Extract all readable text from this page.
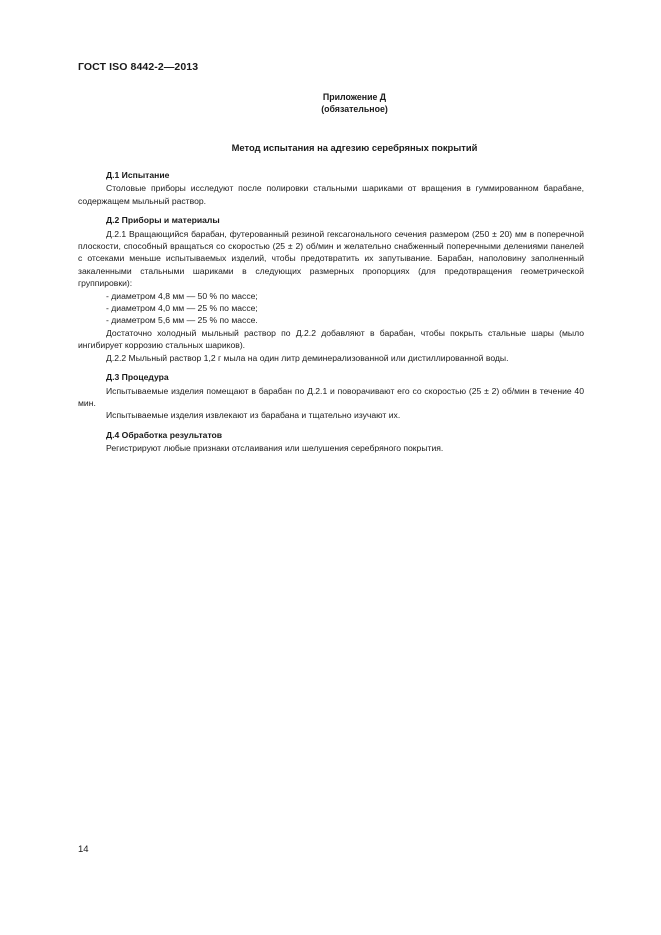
ГОСТ ISO 8442-2—2013
Приложение Д
(обязательное)
Метод испытания на адгезию серебряных покрытий
Д.1 Испытание

Столовые приборы исследуют после полировки стальными шариками от вращения в гуммированном барабане, содержащем мыльный раствор.

Д.2 Приборы и материалы

Д.2.1 Вращающийся барабан, футерованный резиной гексагонального сечения размером (250 ± 20) мм в поперечной плоскости, способный вращаться со скоростью (25 ± 2) об/мин и желательно снабженный поперечными делениями панелей с отсеками меньше испытываемых изделий, чтобы предотвратить их запутывание. Барабан, наполовину заполненный закаленными стальными шариками в следующих размерных пропорциях (для предотвращения геометрической группировки):

- диаметром 4,8 мм — 50 % по массе;

- диаметром 4,0 мм — 25 % по массе;

- диаметром 5,6 мм — 25 % по массе.

Достаточно холодный мыльный раствор по Д.2.2 добавляют в барабан, чтобы покрыть стальные шары (мыло ингибирует коррозию стальных шариков).

Д.2.2 Мыльный раствор 1,2 г мыла на один литр деминерализованной или дистиллированной воды.

Д.3 Процедура

Испытываемые изделия помещают в барабан по Д.2.1 и поворачивают его со скоростью (25 ± 2) об/мин в течение 40 мин.

Испытываемые изделия извлекают из барабана и тщательно изучают их.

Д.4 Обработка результатов

Регистрируют любые признаки отслаивания или шелушения серебряного покрытия.

14
